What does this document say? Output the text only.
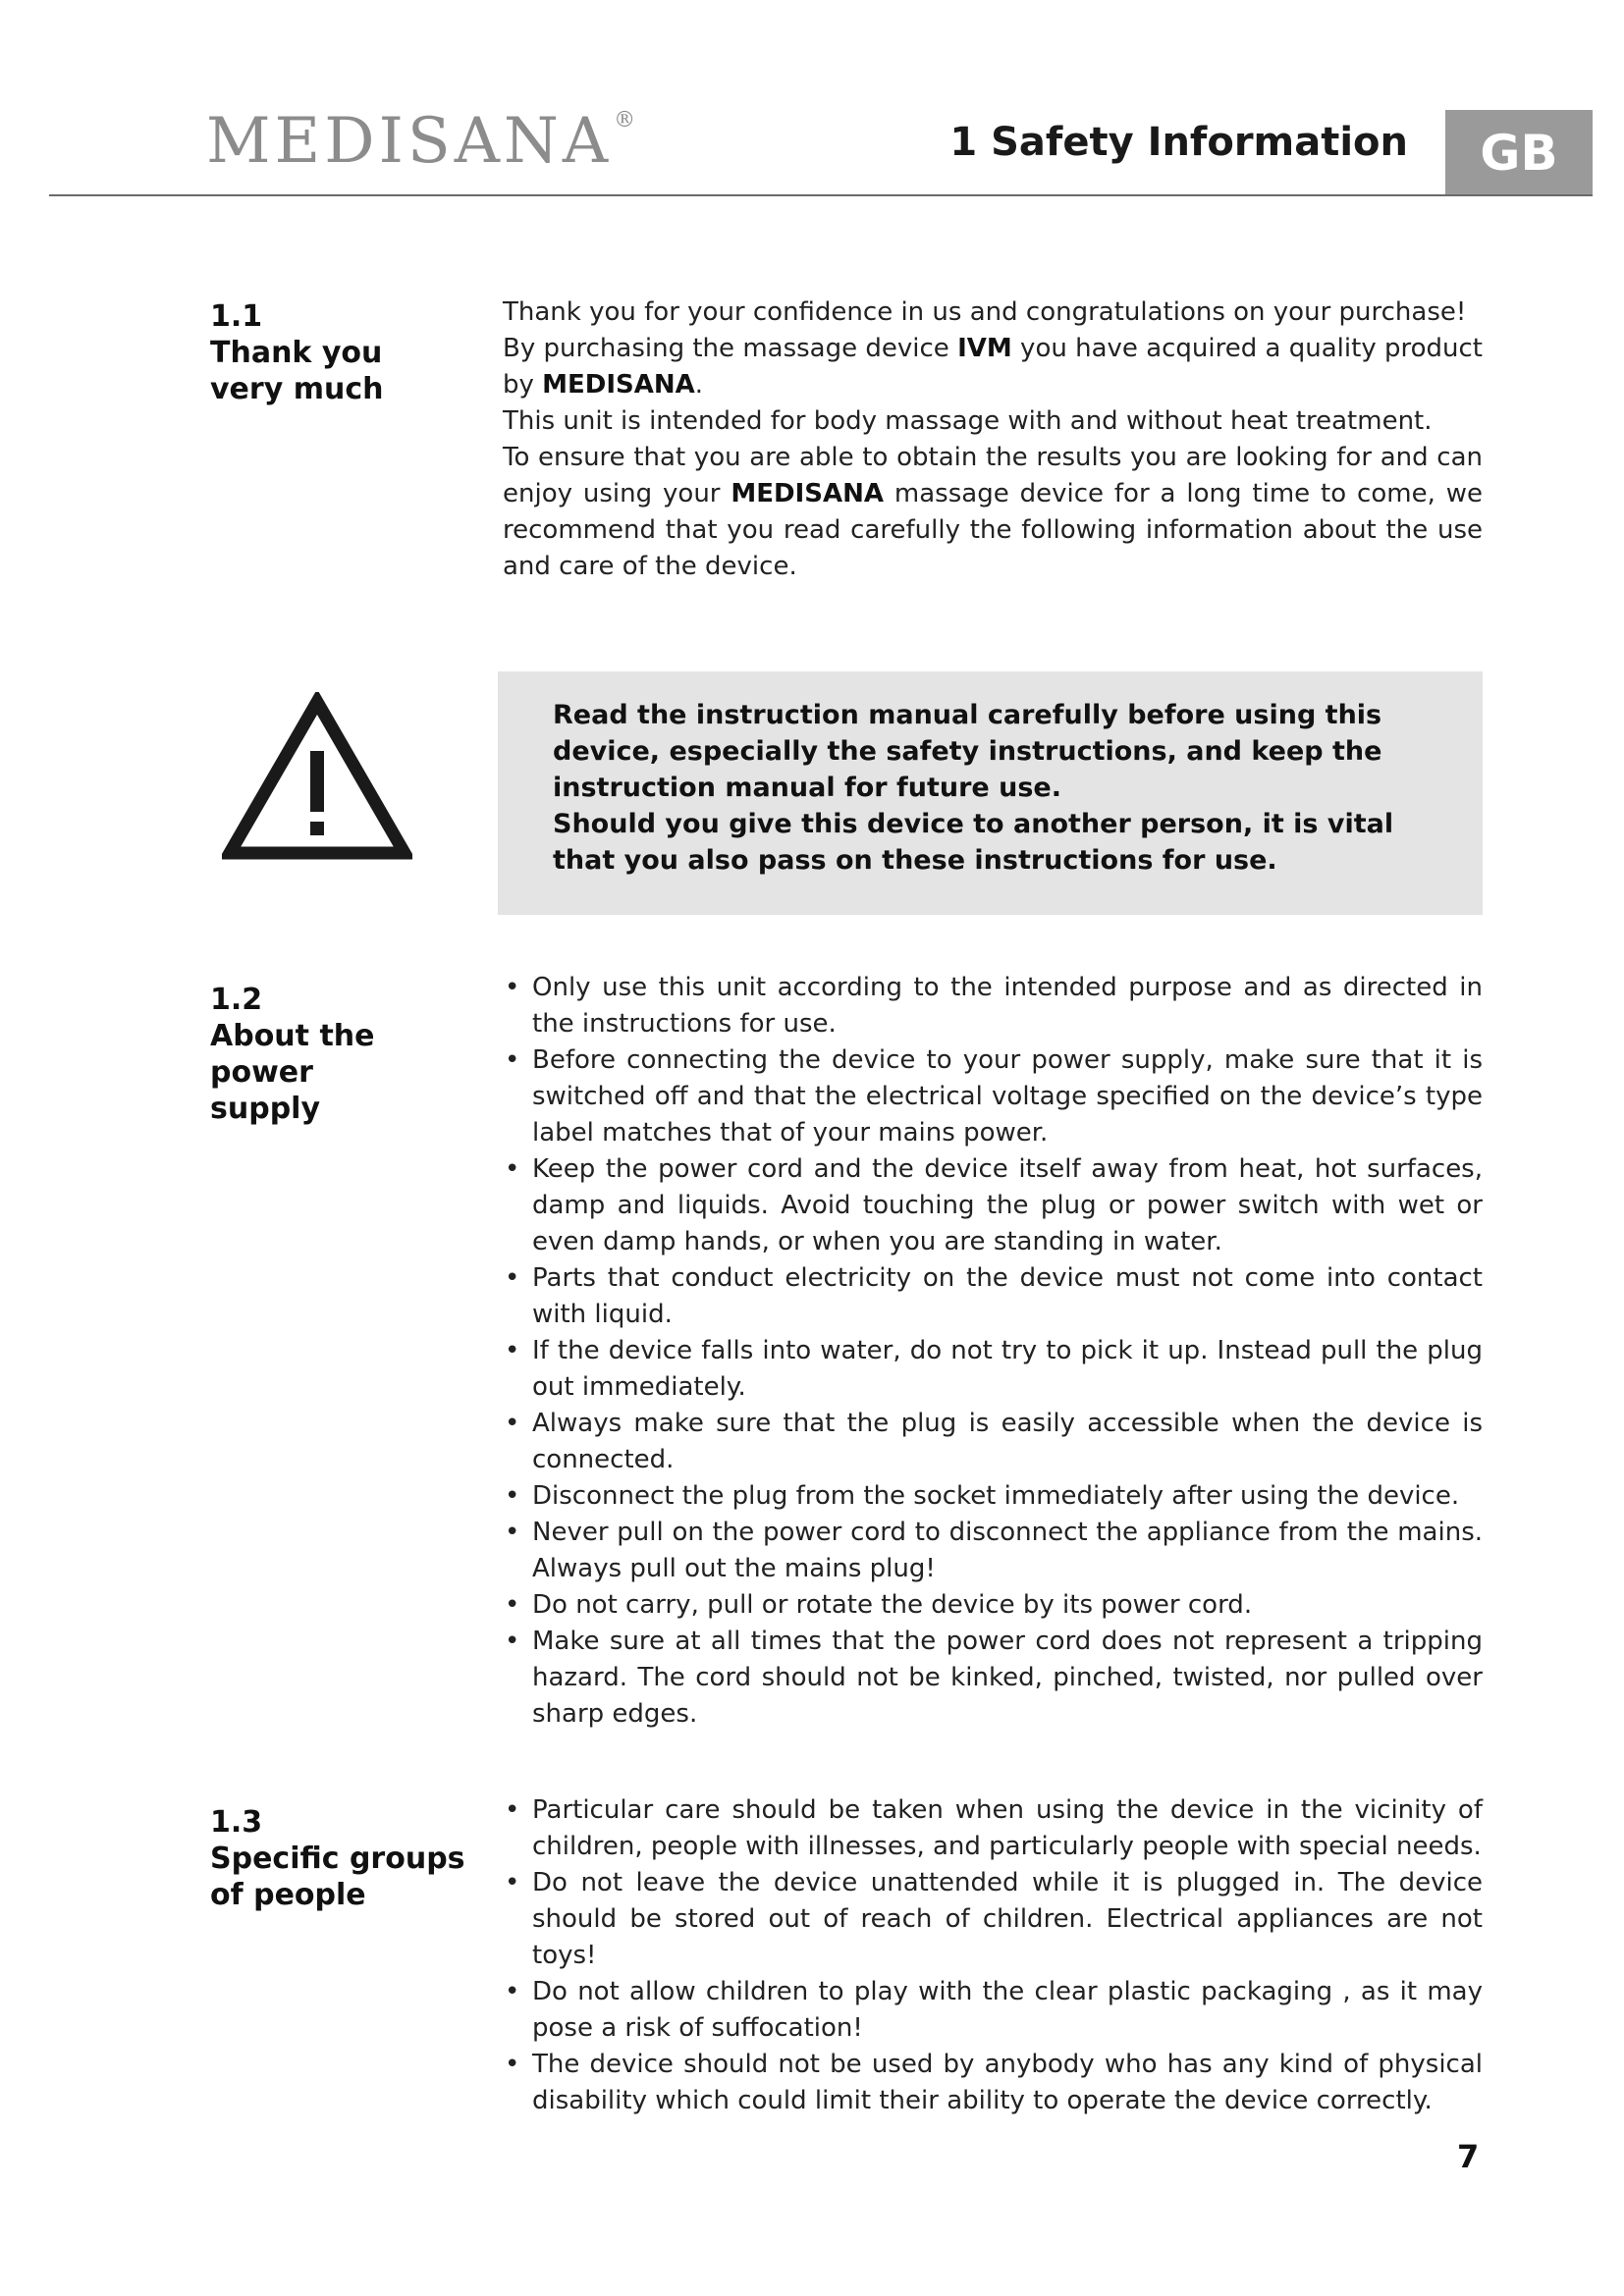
MEDISANA®	1 Safety Information	GB
1.1
Thank you
very much

Thank you for your confidence in us and congratulations on your purchase!

By purchasing the massage device IVM you have acquired a quality product by MEDISANA.

This unit is intended for body massage with and without heat treatment.

To ensure that you are able to obtain the results you are looking for and can enjoy using your MEDISANA massage device for a long time to come, we recommend that you read carefully the following information about the use and care of the device.

Read the instruction manual carefully before using this device, especially the safety instructions, and keep the instruction manual for future use.

Should you give this device to another person, it is vital that you also pass on these instructions for use.

1.2
About the power
supply
• Only use this unit according to the intended purpose and as directed in the instructions for use.
• Before connecting the device to your power supply, make sure that it is switched off and that the electrical voltage specified on the device’s type label matches that of your mains power.
• Keep the power cord and the device itself away from heat, hot surfaces, damp and liquids. Avoid touching the plug or power switch with wet or even damp hands, or when you are standing in water.
• Parts that conduct electricity on the device must not come into contact with liquid.
• If the device falls into water, do not try to pick it up. Instead pull the plug out immediately.
• Always make sure that the plug is easily accessible when the device is connected.
• Disconnect the plug from the socket immediately after using the device.
• Never pull on the power cord to disconnect the appliance from the mains. Always pull out the mains plug!
• Do not carry, pull or rotate the device by its power cord.
• Make sure at all times that the power cord does not represent a tripping hazard. The cord should not be kinked, pinched, twisted, nor pulled over sharp edges.
1.3
Specific groups
of people
• Particular care should be taken when using the device in the vicinity of children, people with illnesses, and particularly people with special needs.
• Do not leave the device unattended while it is plugged in. The device should be stored out of reach of children. Electrical appliances are not toys!
• Do not allow children to play with the clear plastic packaging , as it may pose a risk of suffocation!
• The device should not be used by anybody who has any kind of physical disability which could limit their ability to operate the device correctly.
7
